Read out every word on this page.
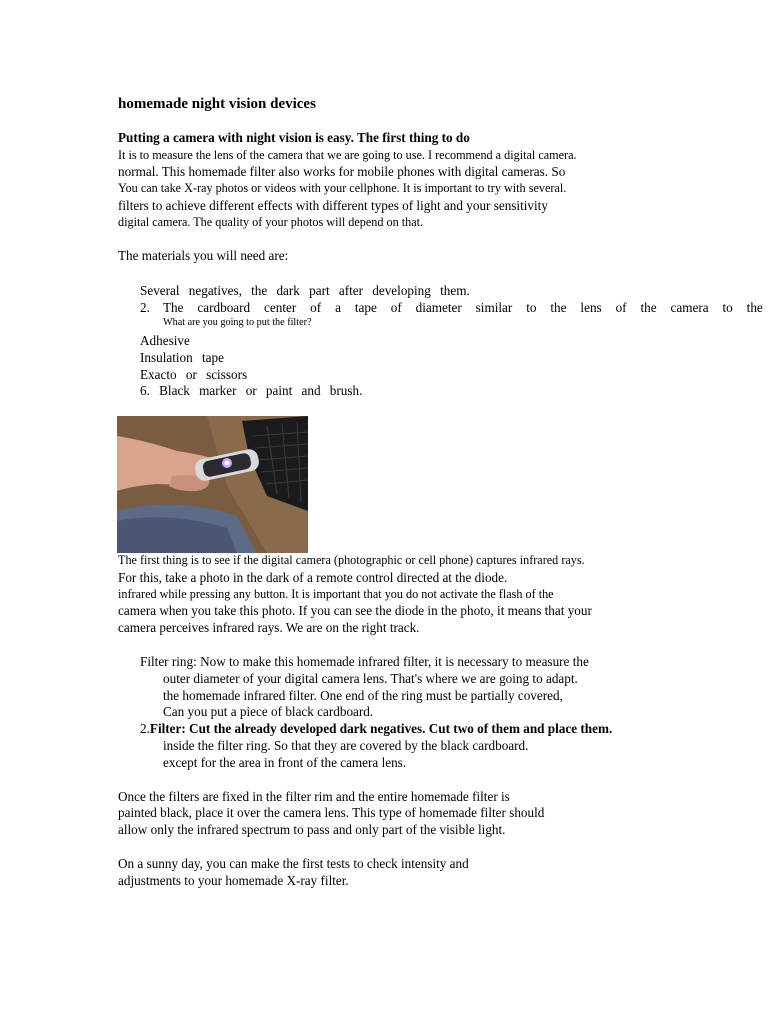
homemade night vision devices
Putting a camera with night vision is easy. The first thing to do
It is to measure the lens of the camera that we are going to use. I recommend a digital camera.
normal. This homemade filter also works for mobile phones with digital cameras. So
You can take X-ray photos or videos with your cellphone. It is important to try with several.
filters to achieve different effects with different types of light and your sensitivity
digital camera. The quality of your photos will depend on that.
The materials you will need are:
Several negatives, the dark part after developing them.
2. The cardboard center of a tape of diameter similar to the lens of the camera to the
What are you going to put the filter?
Adhesive
Insulation tape
Exacto or scissors
6. Black marker or paint and brush.
The first thing is to see if the digital camera (photographic or cell phone) captures infrared rays.
For this, take a photo in the dark of a remote control directed at the diode.
infrared while pressing any button. It is important that you do not activate the flash of the
camera when you take this photo. If you can see the diode in the photo, it means that your
camera perceives infrared rays. We are on the right track.
Filter ring: Now to make this homemade infrared filter, it is necessary to measure the
outer diameter of your digital camera lens. That's where we are going to adapt.
the homemade infrared filter. One end of the ring must be partially covered,
Can you put a piece of black cardboard.
2.Filter: Cut the already developed dark negatives. Cut two of them and place them.
inside the filter ring. So that they are covered by the black cardboard.
except for the area in front of the camera lens.
Once the filters are fixed in the filter rim and the entire homemade filter is
painted black, place it over the camera lens. This type of homemade filter should
allow only the infrared spectrum to pass and only part of the visible light.
On a sunny day, you can make the first tests to check intensity and
adjustments to your homemade X-ray filter.
